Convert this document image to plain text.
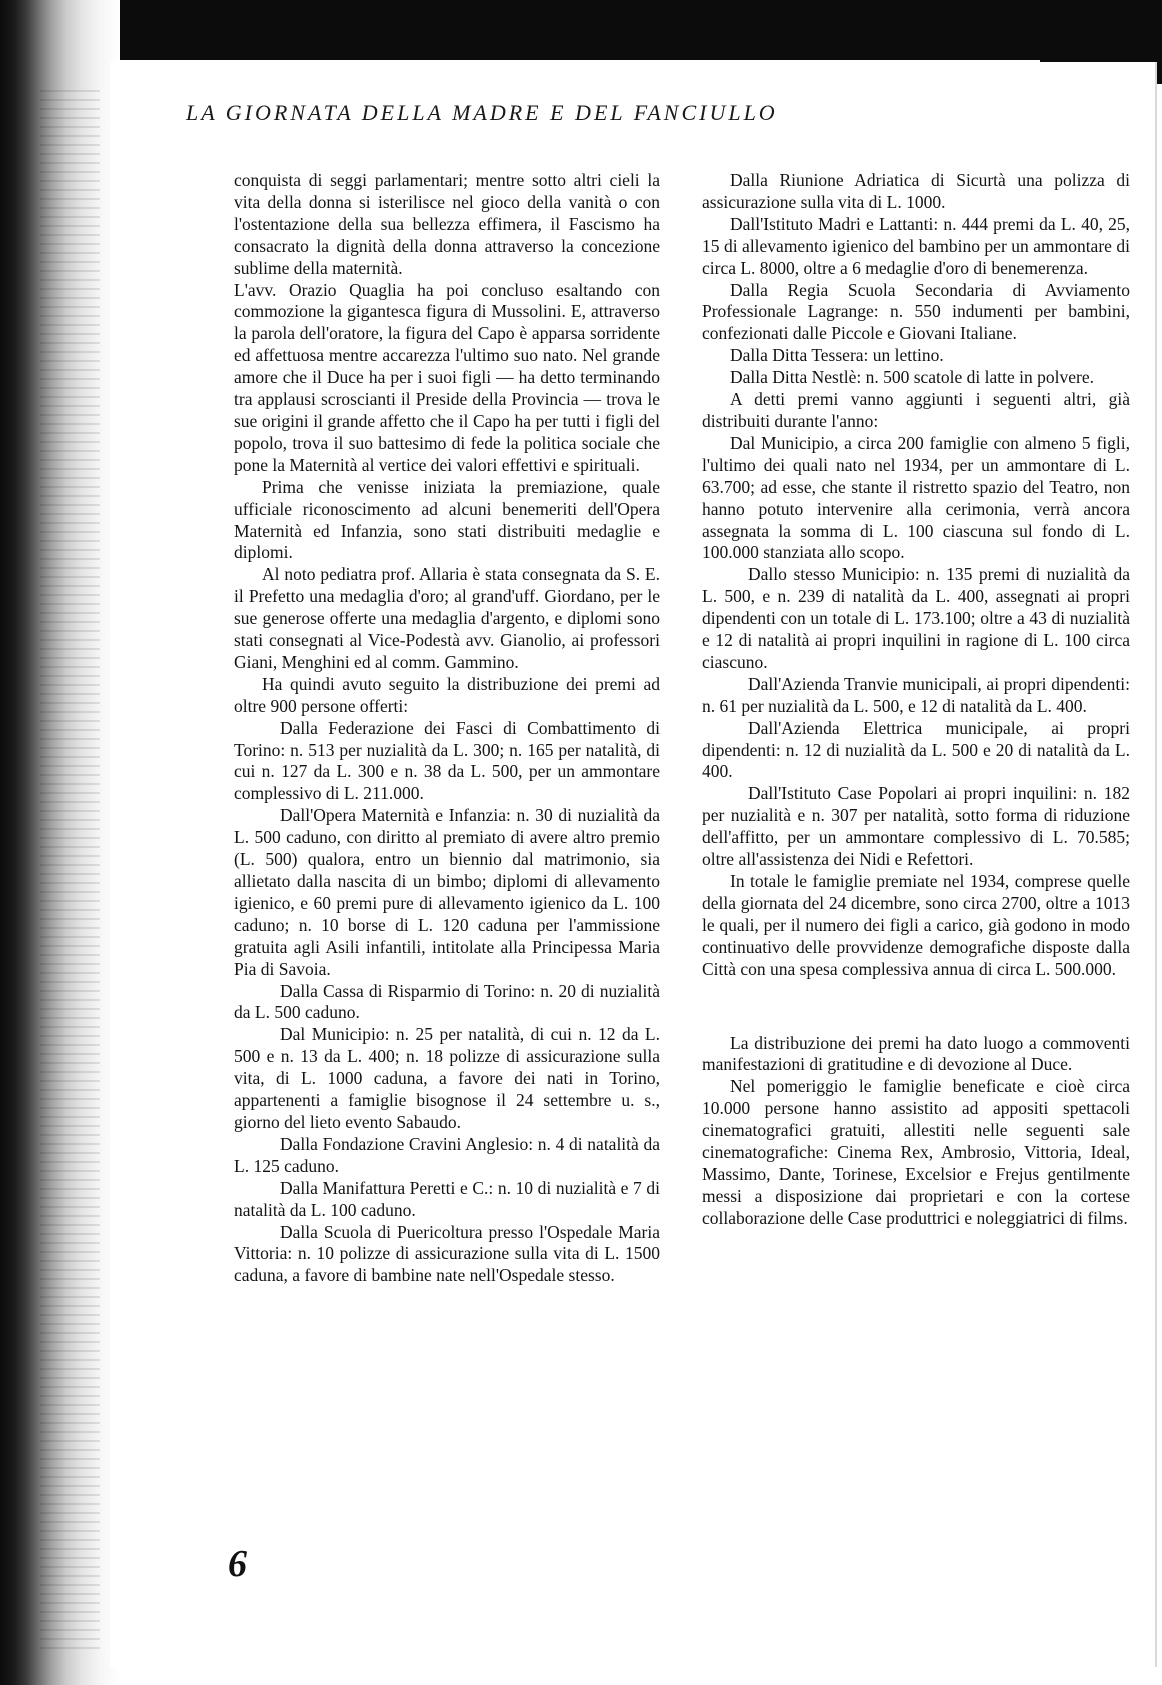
LA GIORNATA DELLA MADRE E DEL FANCIULLO

conquista di seggi parlamentari; mentre sotto altri cieli la vita della donna si isterilisce nel gioco della vanità o con l'ostentazione della sua bellezza effimera, il Fascismo ha consacrato la dignità della donna attraverso la concezione sublime della maternità.

L'avv. Orazio Quaglia ha poi concluso esaltando con commozione la gigantesca figura di Mussolini. E, attraverso la parola dell'oratore, la figura del Capo è apparsa sorridente ed affettuosa mentre accarezza l'ultimo suo nato. Nel grande amore che il Duce ha per i suoi figli — ha detto terminando tra applausi scroscianti il Preside della Provincia — trova le sue origini il grande affetto che il Capo ha per tutti i figli del popolo, trova il suo battesimo di fede la politica sociale che pone la Maternità al vertice dei valori effettivi e spirituali.

Prima che venisse iniziata la premiazione, quale ufficiale riconoscimento ad alcuni benemeriti dell'Opera Maternità ed Infanzia, sono stati distribuiti medaglie e diplomi.

Al noto pediatra prof. Allaria è stata consegnata da S. E. il Prefetto una medaglia d'oro; al grand'uff. Giordano, per le sue generose offerte una medaglia d'argento, e diplomi sono stati consegnati al Vice-Podestà avv. Gianolio, ai professori Giani, Menghini ed al comm. Gammino.

Ha quindi avuto seguito la distribuzione dei premi ad oltre 900 persone offerti:

Dalla Federazione dei Fasci di Combattimento di Torino: n. 513 per nuzialità da L. 300; n. 165 per natalità, di cui n. 127 da L. 300 e n. 38 da L. 500, per un ammontare complessivo di L. 211.000.

Dall'Opera Maternità e Infanzia: n. 30 di nuzialità da L. 500 caduno, con diritto al premiato di avere altro premio (L. 500) qualora, entro un biennio dal matrimonio, sia allietato dalla nascita di un bimbo; diplomi di allevamento igienico, e 60 premi pure di allevamento igienico da L. 100 caduno; n. 10 borse di L. 120 caduna per l'ammissione gratuita agli Asili infantili, intitolate alla Principessa Maria Pia di Savoia.

Dalla Cassa di Risparmio di Torino: n. 20 di nuzialità da L. 500 caduno.

Dal Municipio: n. 25 per natalità, di cui n. 12 da L. 500 e n. 13 da L. 400; n. 18 polizze di assicurazione sulla vita, di L. 1000 caduna, a favore dei nati in Torino, appartenenti a famiglie bisognose il 24 settembre u. s., giorno del lieto evento Sabaudo.

Dalla Fondazione Cravini Anglesio: n. 4 di natalità da L. 125 caduno.

Dalla Manifattura Peretti e C.: n. 10 di nuzialità e 7 di natalità da L. 100 caduno.

Dalla Scuola di Puericoltura presso l'Ospedale Maria Vittoria: n. 10 polizze di assicurazione sulla vita di L. 1500 caduna, a favore di bambine nate nell'Ospedale stesso.

Dalla Riunione Adriatica di Sicurtà una polizza di assicurazione sulla vita di L. 1000.

Dall'Istituto Madri e Lattanti: n. 444 premi da L. 40, 25, 15 di allevamento igienico del bambino per un ammontare di circa L. 8000, oltre a 6 medaglie d'oro di benemerenza.

Dalla Regia Scuola Secondaria di Avviamento Professionale Lagrange: n. 550 indumenti per bambini, confezionati dalle Piccole e Giovani Italiane.

Dalla Ditta Tessera: un lettino.

Dalla Ditta Nestlè: n. 500 scatole di latte in polvere.

A detti premi vanno aggiunti i seguenti altri, già distribuiti durante l'anno:

Dal Municipio, a circa 200 famiglie con almeno 5 figli, l'ultimo dei quali nato nel 1934, per un ammontare di L. 63.700; ad esse, che stante il ristretto spazio del Teatro, non hanno potuto intervenire alla cerimonia, verrà ancora assegnata la somma di L. 100 ciascuna sul fondo di L. 100.000 stanziata allo scopo.

Dallo stesso Municipio: n. 135 premi di nuzialità da L. 500, e n. 239 di natalità da L. 400, assegnati ai propri dipendenti con un totale di L. 173.100; oltre a 43 di nuzialità e 12 di natalità ai propri inquilini in ragione di L. 100 circa ciascuno.

Dall'Azienda Tranvie municipali, ai propri dipendenti: n. 61 per nuzialità da L. 500, e 12 di natalità da L. 400.

Dall'Azienda Elettrica municipale, ai propri dipendenti: n. 12 di nuzialità da L. 500 e 20 di natalità da L. 400.

Dall'Istituto Case Popolari ai propri inquilini: n. 182 per nuzialità e n. 307 per natalità, sotto forma di riduzione dell'affitto, per un ammontare complessivo di L. 70.585; oltre all'assistenza dei Nidi e Refettori.

In totale le famiglie premiate nel 1934, comprese quelle della giornata del 24 dicembre, sono circa 2700, oltre a 1013 le quali, per il numero dei figli a carico, già godono in modo continuativo delle provvidenze demografiche disposte dalla Città con una spesa complessiva annua di circa L. 500.000.

La distribuzione dei premi ha dato luogo a commoventi manifestazioni di gratitudine e di devozione al Duce.

Nel pomeriggio le famiglie beneficate e cioè circa 10.000 persone hanno assistito ad appositi spettacoli cinematografici gratuiti, allestiti nelle seguenti sale cinematografiche: Cinema Rex, Ambrosio, Vittoria, Ideal, Massimo, Dante, Torinese, Excelsior e Frejus gentilmente messi a disposizione dai proprietari e con la cortese collaborazione delle Case produttrici e noleggiatrici di films.

6
